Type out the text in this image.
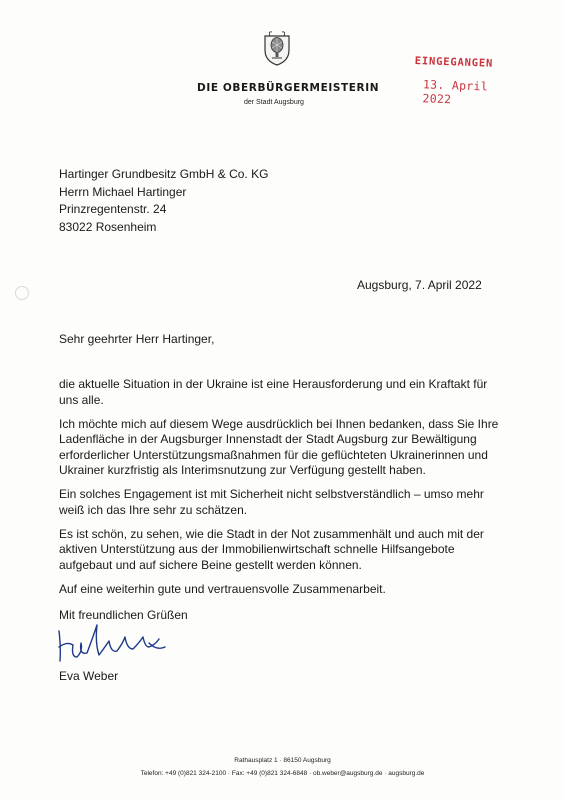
DIE OBERBÜRGERMEISTERIN
der Stadt Augsburg
EINGEGANGEN
13. April 2022
Hartinger Grundbesitz GmbH & Co. KG
Herrn Michael Hartinger
Prinzregentenstr. 24
83022 Rosenheim
Augsburg, 7. April 2022
Sehr geehrter Herr Hartinger,

die aktuelle Situation in der Ukraine ist eine Herausforderung und ein Kraftakt für uns alle.

Ich möchte mich auf diesem Wege ausdrücklich bei Ihnen bedanken, dass Sie Ihre Ladenfläche in der Augsburger Innenstadt der Stadt Augsburg zur Bewältigung erforderlicher Unterstützungsmaßnahmen für die geflüchteten Ukrainerinnen und Ukrainer kurzfristig als Interimsnutzung zur Verfügung gestellt haben.

Ein solches Engagement ist mit Sicherheit nicht selbstverständlich – umso mehr weiß ich das Ihre sehr zu schätzen.

Es ist schön, zu sehen, wie die Stadt in der Not zusammenhält und auch mit der aktiven Unterstützung aus der Immobilienwirtschaft schnelle Hilfsangebote aufgebaut und auf sichere Beine gestellt werden können.

Auf eine weiterhin gute und vertrauensvolle Zusammenarbeit.

Mit freundlichen Grüßen
Eva Weber
Rathausplatz 1 · 86150 Augsburg
Telefon: +49 (0)821 324-2100 · Fax: +49 (0)821 324-6848 · ob.weber@augsburg.de · augsburg.de
